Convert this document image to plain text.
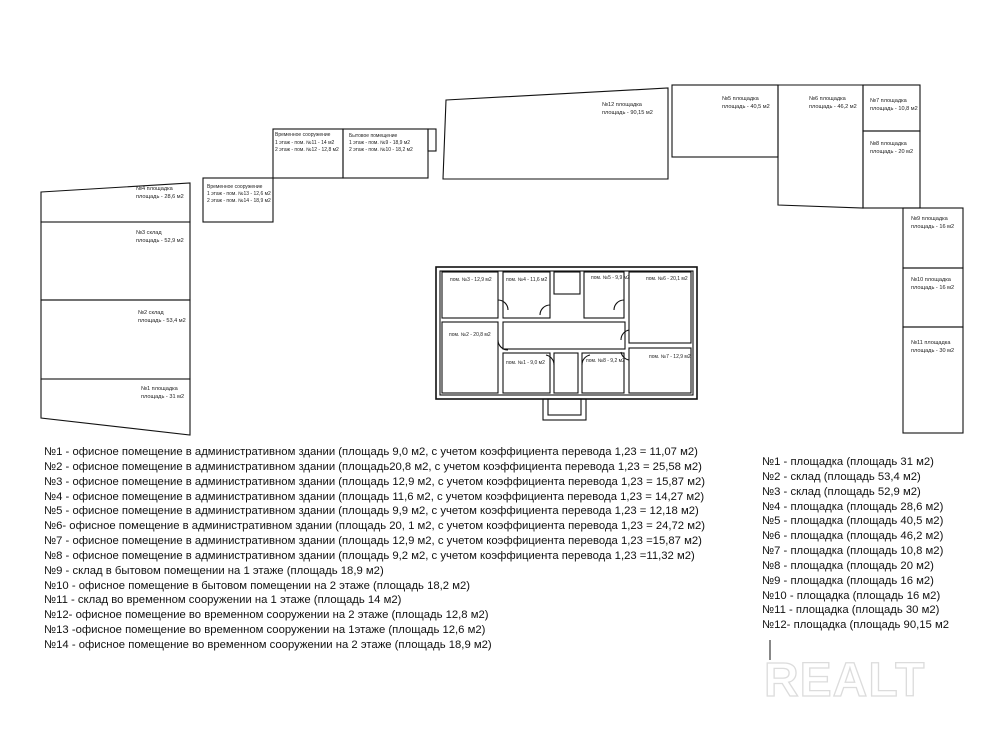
№4 площадка
площадь - 28,6 м2
№3 склад
площадь - 52,9 м2
№2 склад
площадь - 53,4 м2
№1 площадка
площадь - 31 м2
Временное сооружение
1 этаж - пом. №13 - 12,6 м2
2 этаж - пом. №14 - 18,9 м2
Временное сооружение
1 этаж - пом. №11 - 14 м2
2 этаж - пом. №12 - 12,8 м2
Бытовое помещение
1 этаж - пом. №9 - 18,9 м2
2 этаж - пом. №10 - 18,2 м2
№12 площадка
площадь - 90,15 м2
№5 площадка
площадь - 40,5 м2
№6 площадка
площадь - 46,2 м2
№7 площадка
площадь - 10,8 м2
№8 площадка
площадь - 20 м2
№9 площадка
площадь - 16 м2
№10 площадка
площадь - 16 м2
№11 площадка
площадь - 30 м2
пом. №3 - 12,9 м2	пом. №4 - 11,6 м2	пом. №5 - 9,9 м2	пом. №6 - 20,1 м2
пом. №2 - 20,8 м2
пом. №1 - 9,0 м2	пом. №8 - 9,2 м2
пом. №7 - 12,9 м2
№1 - офисное помещение в административном здании (площадь 9,0 м2, с учетом коэффициента перевода 1,23 = 11,07 м2)
№2 - офисное помещение в административном здании (площадь20,8 м2, с учетом коэффициента перевода 1,23 = 25,58 м2)
№3 - офисное помещение в административном здании (площадь 12,9 м2, с учетом коэффициента перевода 1,23 = 15,87 м2)
№4 - офисное помещение в административном здании (площадь 11,6 м2, с учетом коэффициента перевода 1,23 = 14,27 м2)
№5 - офисное помещение в административном здании (площадь 9,9 м2, с учетом коэффициента перевода 1,23 = 12,18 м2)
№6- офисное помещение в административном здании (площадь 20, 1 м2, с учетом коэффициента перевода 1,23 = 24,72 м2)
№7 - офисное помещение в административном здании (площадь 12,9 м2, с учетом коэффициента перевода 1,23 =15,87 м2)
№8 - офисное помещение в административном здании (площадь 9,2 м2, с учетом коэффициента перевода 1,23 =11,32 м2)
№9 - склад в бытовом помещении на 1 этаже (площадь 18,9 м2)
№10 - офисное помещение в бытовом помещении на 2 этаже (площадь 18,2 м2)
№11 - склад во временном сооружении на 1 этаже (площадь 14 м2)
№12- офисное помещение во временном сооружении на 2 этаже (площадь 12,8 м2)
№13 -офисное помещение во временном сооружении на 1этаже (площадь 12,6 м2)
№14 - офисное помещение во временном сооружении на 2 этаже (площадь 18,9 м2)
№1 - площадка (площадь 31 м2)
№2 - склад (площадь 53,4 м2)
№3 - склад (площадь 52,9 м2)
№4 - площадка (площадь 28,6 м2)
№5 - площадка (площадь 40,5 м2)
№6 - площадка (площадь 46,2 м2)
№7 - площадка (площадь 10,8 м2)
№8 - площадка (площадь 20 м2)
№9 - площадка (площадь 16 м2)
№10 - площадка (площадь 16 м2)
№11 - площадка (площадь 30 м2)
№12- площадка (площадь 90,15 м2
REALT
